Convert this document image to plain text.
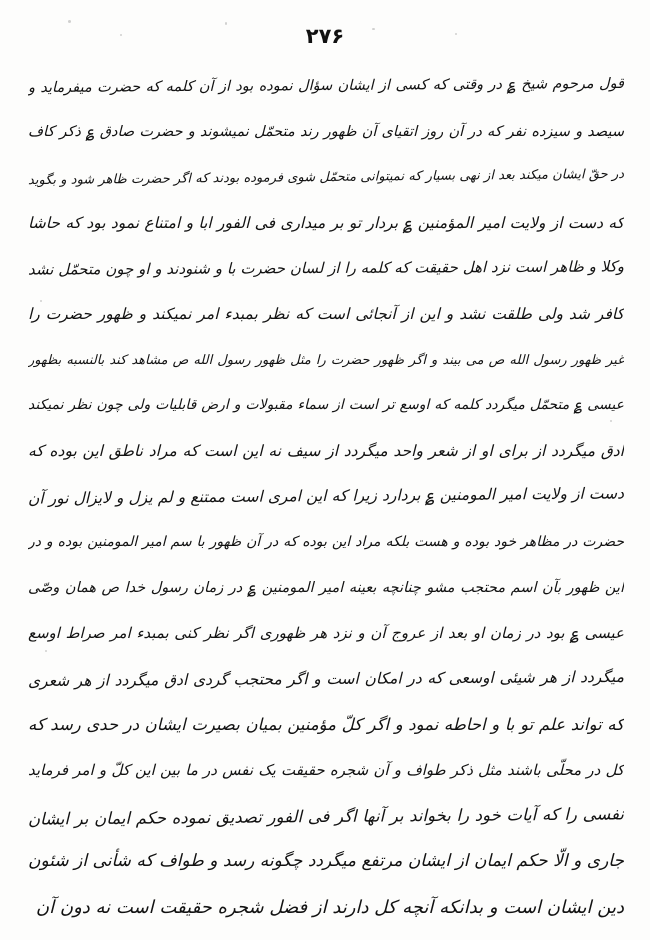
۲۷۶
قول مرحوم شیخ ؏ در وقتی که کسی از ایشان سؤال نموده بود از آن کلمه که حضرت میفرماید و
سیصد و سیزده نفر که در آن روز اتقیای آن ظهور رند متحمّل نمیشوند و حضرت صادق ؏ ذکر کاف
در حقّ ایشان میکند بعد از نهی بسیار که نمیتوانی متحمّل شوی فرموده بودند که اگر حضرت ظاهر شود و بگوید
که دست از ولایت امیر المؤمنین ؏ بردار تو بر میداری فی الفور ابا و امتناع نمود بود که حاشا
وکلا و ظاهر است نزد اهل حقیقت که کلمه را از لسان حضرت با و شنودند و او چون متحمّل نشد
کافر شد ولی طلقت نشد و این از آنجائی است که نظر بمبدء امر نمیکند و ظهور حضرت را
غیر ظهور رسول الله ص می بیند و اگر ظهور حضرت را مثل ظهور رسول الله ص مشاهد کند بالنسبه بظهور
عیسی ؏ متحمّل میگردد کلمه که اوسع تر است از سماء مقبولات و ارض قابلیات ولی چون نظر نمیکند
ادق میگردد از برای او از شعر واحد میگردد از سیف نه این است که مراد ناطق این بوده که
دست از ولایت امیر المومنین ؏ بردارد زیرا که این امری است ممتنع و لم یزل و لایزال نور آن
حضرت در مظاهر خود بوده و هست بلکه مراد این بوده که در آن ظهور با سم امیر المومنین بوده و در
این ظهور بآن اسم محتجب مشو چنانچه بعینه امیر المومنین ؏ در زمان رسول خدا ص همان وصّی
عیسی ؏ بود در زمان او بعد از عروج آن و نزد هر ظهوری اگر نظر کنی بمبدء امر صراط اوسع
میگردد از هر شیئی اوسعی که در امکان است و اگر محتجب گردی ادق میگردد از هر شعری
که تواند علم تو با و احاطه نمود و اگر کلّ مؤمنین بمیان بصیرت ایشان در حدی رسد که
کل در محلّی باشند مثل ذکر طواف و آن شجره حقیقت یک نفس در ما بین این کلّ و امر فرماید
نفسی را که آیات خود را بخواند بر آنها اگر فی الفور تصدیق نموده حکم ایمان بر ایشان
جاری و الّا حکم ایمان از ایشان مرتفع میگردد چگونه رسد و طواف که شأنی از شئون
دین ایشان است و بدانکه آنچه کل دارند از فضل شجره حقیقت است نه دون آن
